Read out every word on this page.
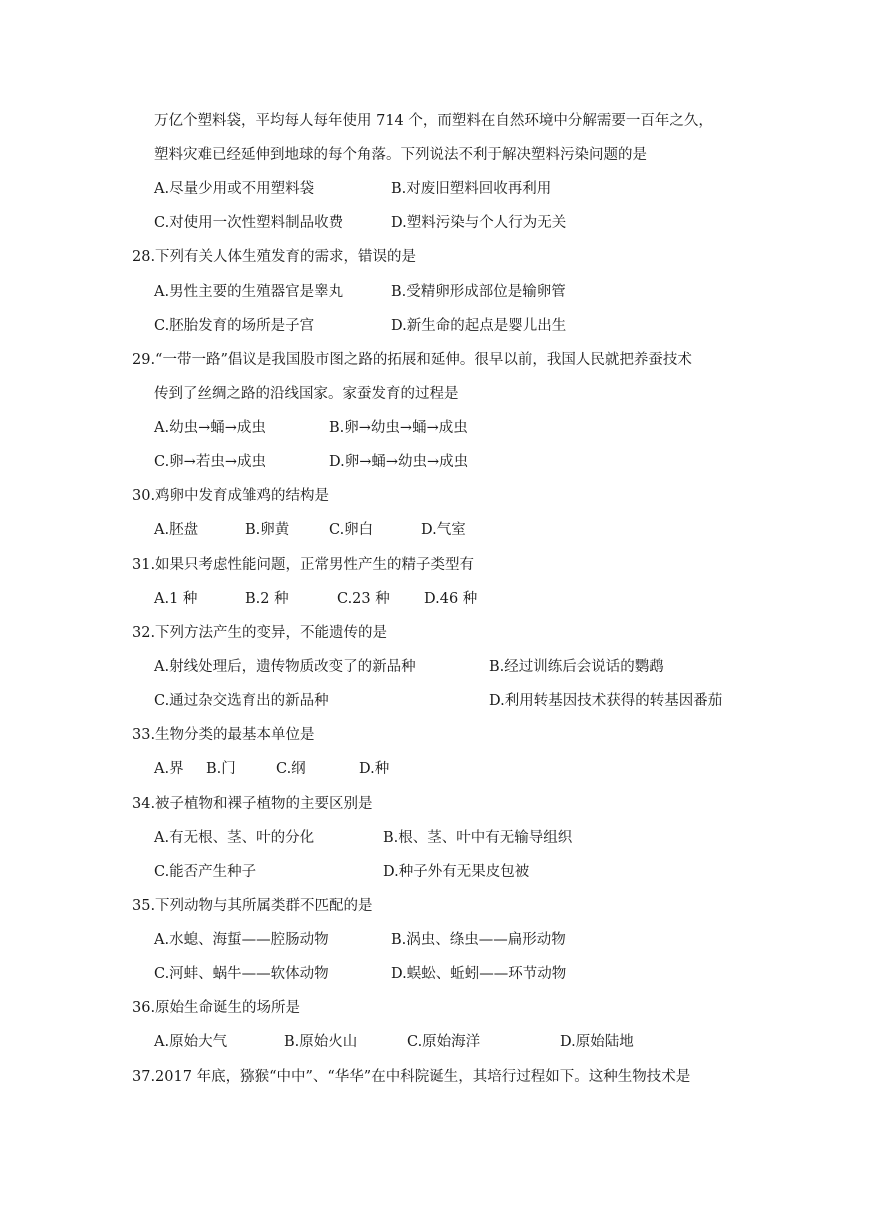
万亿个塑料袋，平均每人每年使用 714 个，而塑料在自然环境中分解需要一百年之久，
塑料灾难已经延伸到地球的每个角落。下列说法不利于解决塑料污染问题的是
A.尽量少用或不用塑料袋	B.对废旧塑料回收再利用
C.对使用一次性塑料制品收费	D.塑料污染与个人行为无关
28.下列有关人体生殖发育的需求，错误的是
A.男性主要的生殖器官是睾丸	B.受精卵形成部位是输卵管
C.胚胎发育的场所是子宫	D.新生命的起点是婴儿出生
29.“一带一路”倡议是我国股市图之路的拓展和延伸。很早以前，我国人民就把养蚕技术
传到了丝绸之路的沿线国家。家蚕发育的过程是
A.幼虫→蛹→成虫	B.卵→幼虫→蛹→成虫
C.卵→若虫→成虫	D.卵→蛹→幼虫→成虫
30.鸡卵中发育成雏鸡的结构是
A.胚盘	B.卵黄	C.卵白	D.气室
31.如果只考虑性能问题，正常男性产生的精子类型有
A.1 种	B.2 种	C.23 种 D.46 种
32.下列方法产生的变异，不能遗传的是
A.射线处理后，遗传物质改变了的新品种	B.经过训练后会说话的鹦鹉
C.通过杂交选育出的新品种	D.利用转基因技术获得的转基因番茄
33.生物分类的最基本单位是
A.界 B.门	C.纲	D.种
34.被子植物和裸子植物的主要区别是
A.有无根、茎、叶的分化	B.根、茎、叶中有无输导组织
C.能否产生种子	D.种子外有无果皮包被
35.下列动物与其所属类群不匹配的是
A.水螅、海蜇——腔肠动物	B.涡虫、绦虫——扁形动物
C.河蚌、蜗牛——软体动物	D.蜈蚣、蚯蚓——环节动物
36.原始生命诞生的场所是
A.原始大气	B.原始火山	C.原始海洋	D.原始陆地
37.2017 年底，猕猴“中中”、“华华”在中科院诞生，其培行过程如下。这种生物技术是
